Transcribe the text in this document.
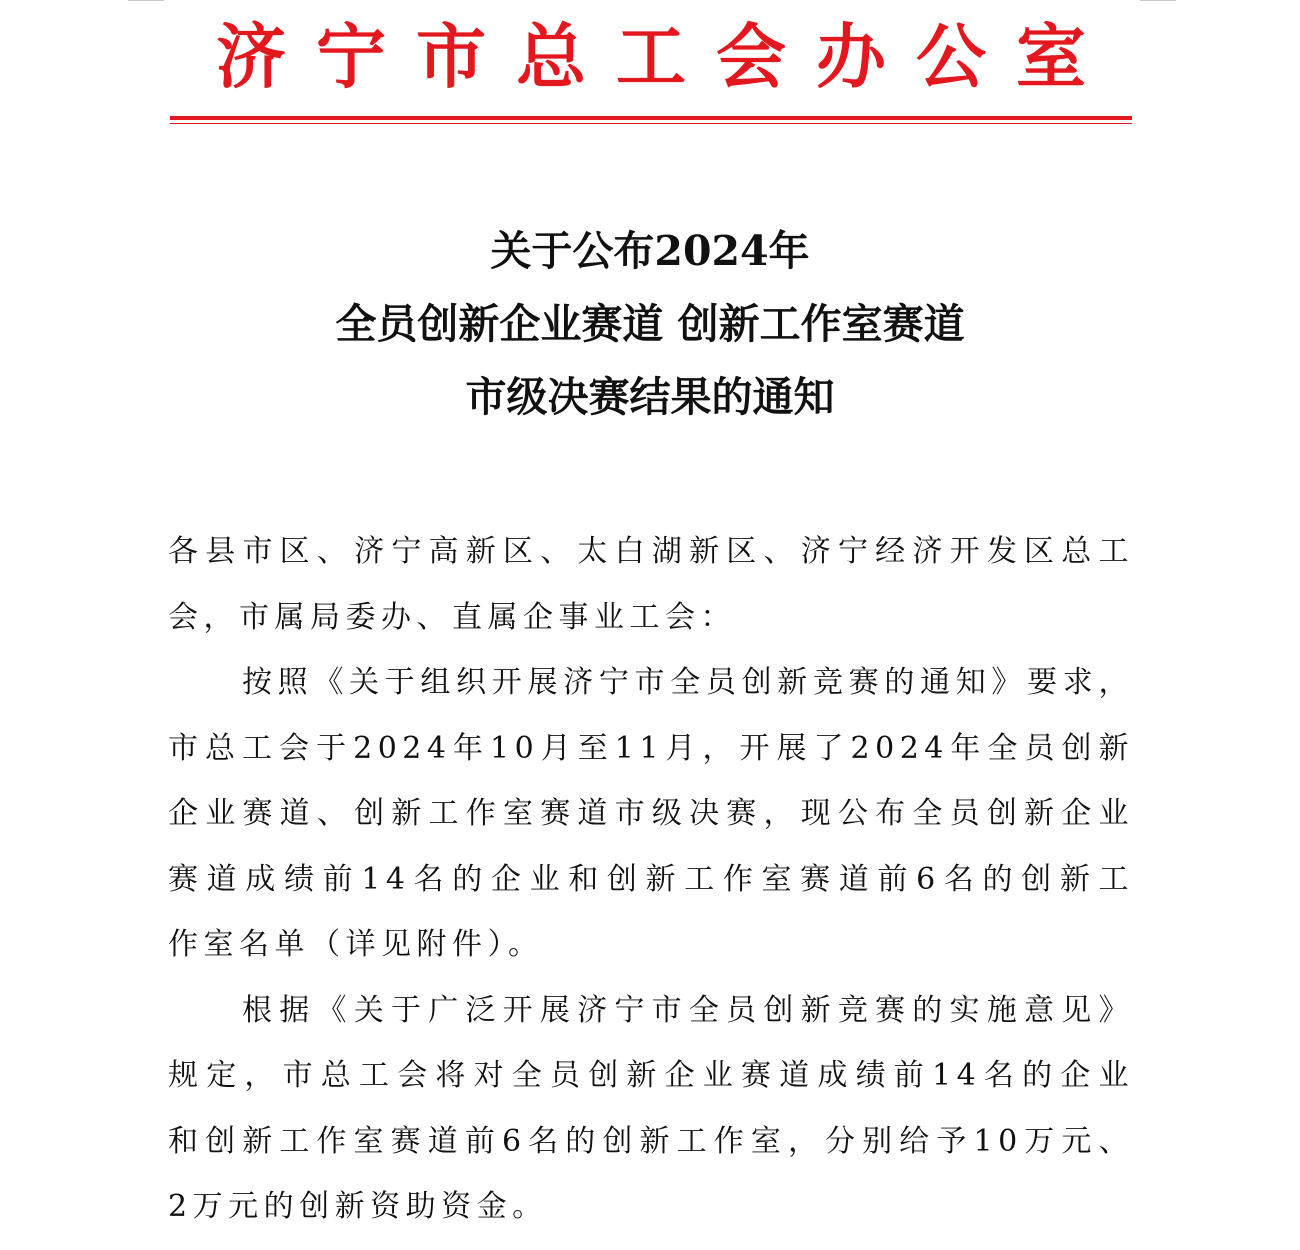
济宁市总工会办公室
关于公布2024年
全员创新企业赛道 创新工作室赛道
市级决赛结果的通知
各县市区、济宁高新区、太白湖新区、济宁经济开发区总工
会，市属局委办、直属企事业工会：
按照《关于组织开展济宁市全员创新竞赛的通知》要求，
市总工会于2024年10月至11月，开展了2024年全员创新
企业赛道、创新工作室赛道市级决赛，现公布全员创新企业
赛道成绩前14名的企业和创新工作室赛道前6名的创新工
作室名单（详见附件）。
根据《关于广泛开展济宁市全员创新竞赛的实施意见》
规定，市总工会将对全员创新企业赛道成绩前14名的企业
和创新工作室赛道前6名的创新工作室，分别给予10万元、
2万元的创新资助资金。
